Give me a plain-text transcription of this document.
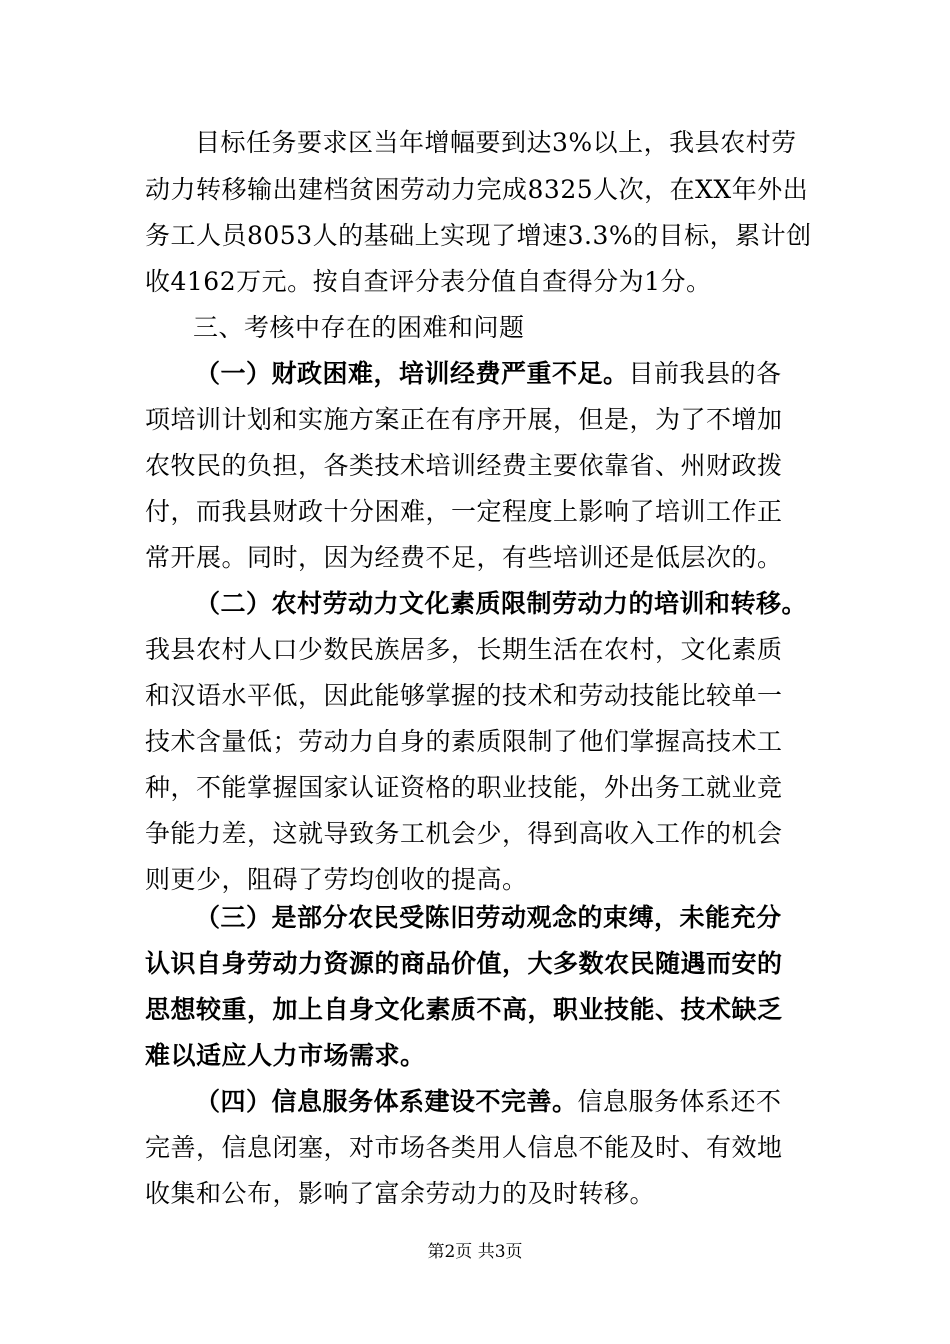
目标任务要求区当年增幅要到达3%以上，我县农村劳
动力转移输出建档贫困劳动力完成8325人次，在XX年外出
务工人员8053人的基础上实现了增速3.3%的目标，累计创
收4162万元。按自查评分表分值自查得分为1分。
三、考核中存在的困难和问题
（一）财政困难，培训经费严重不足。目前我县的各
项培训计划和实施方案正在有序开展，但是，为了不增加
农牧民的负担，各类技术培训经费主要依靠省、州财政拨
付，而我县财政十分困难，一定程度上影响了培训工作正
常开展。同时，因为经费不足，有些培训还是低层次的。
（二）农村劳动力文化素质限制劳动力的培训和转移。
我县农村人口少数民族居多，长期生活在农村，文化素质
和汉语水平低，因此能够掌握的技术和劳动技能比较单一
技术含量低；劳动力自身的素质限制了他们掌握高技术工
种，不能掌握国家认证资格的职业技能，外出务工就业竞
争能力差，这就导致务工机会少，得到高收入工作的机会
则更少，阻碍了劳均创收的提高。
（三）是部分农民受陈旧劳动观念的束缚，未能充分
认识自身劳动力资源的商品价值，大多数农民随遇而安的
思想较重，加上自身文化素质不高，职业技能、技术缺乏
难以适应人力市场需求。
（四）信息服务体系建设不完善。信息服务体系还不
完善，信息闭塞，对市场各类用人信息不能及时、有效地
收集和公布，影响了富余劳动力的及时转移。
第2页 共3页
